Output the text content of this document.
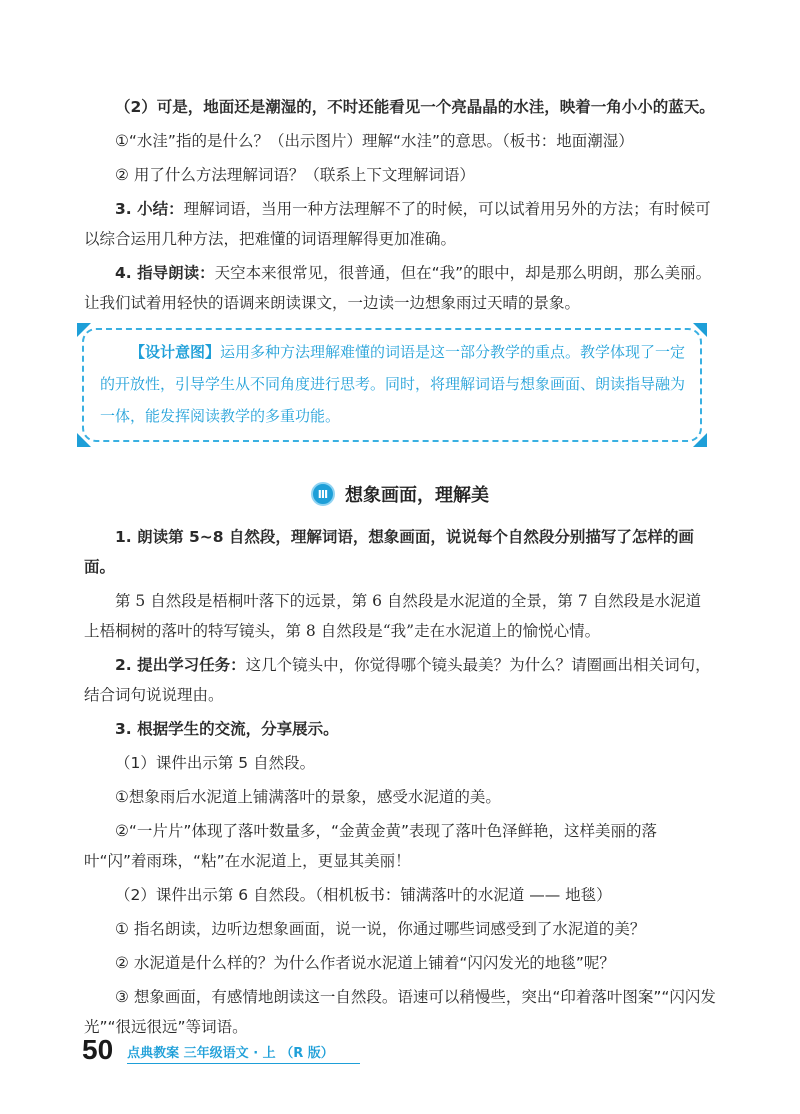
（2）可是，地面还是潮湿的，不时还能看见一个亮晶晶的水洼，映着一角小小的蓝天。

①“水洼”指的是什么？（出示图片）理解“水洼”的意思。（板书：地面潮湿）

② 用了什么方法理解词语？（联系上下文理解词语）

3. 小结：理解词语，当用一种方法理解不了的时候，可以试着用另外的方法；有时候可以综合运用几种方法，把难懂的词语理解得更加准确。

4. 指导朗读：天空本来很常见，很普通，但在“我”的眼中，却是那么明朗，那么美丽。让我们试着用轻快的语调来朗读课文，一边读一边想象雨过天晴的景象。

【设计意图】运用多种方法理解难懂的词语是这一部分教学的重点。教学体现了一定的开放性，引导学生从不同角度进行思考。同时，将理解词语与想象画面、朗读指导融为一体，能发挥阅读教学的多重功能。

Ⅲ 想象画面，理解美

1. 朗读第 5~8 自然段，理解词语，想象画面，说说每个自然段分别描写了怎样的画面。

第 5 自然段是梧桐叶落下的远景，第 6 自然段是水泥道的全景，第 7 自然段是水泥道上梧桐树的落叶的特写镜头，第 8 自然段是“我”走在水泥道上的愉悦心情。

2. 提出学习任务：这几个镜头中，你觉得哪个镜头最美？为什么？请圈画出相关词句，结合词句说说理由。

3. 根据学生的交流，分享展示。

（1）课件出示第 5 自然段。

①想象雨后水泥道上铺满落叶的景象，感受水泥道的美。

②“一片片”体现了落叶数量多，“金黄金黄”表现了落叶色泽鲜艳，这样美丽的落叶“闪”着雨珠，“粘”在水泥道上，更显其美丽！

（2）课件出示第 6 自然段。（相机板书：铺满落叶的水泥道 —— 地毯）

① 指名朗读，边听边想象画面，说一说，你通过哪些词感受到了水泥道的美？

② 水泥道是什么样的？为什么作者说水泥道上铺着“闪闪发光的地毯”呢？

③ 想象画面，有感情地朗读这一自然段。语速可以稍慢些，突出“印着落叶图案”“闪闪发光”“很远很远”等词语。

50 点典教案 三年级语文 · 上 （R 版）
